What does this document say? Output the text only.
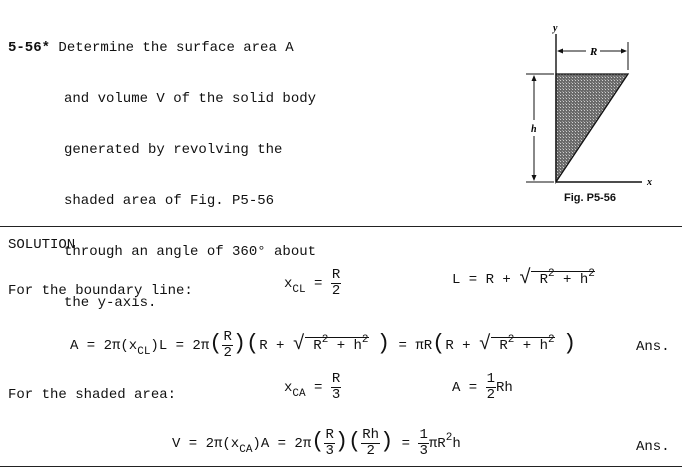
5-56* Determine the surface area A

and volume V of the solid body

generated by revolving the

shaded area of Fig. P5-56

through an angle of 360° about

the y-axis.

R
h
y
x
Fig. P5-56
SOLUTION
For the boundary line:	$x_{CL} = \frac{R}{2}$	L = R + √ $R^2 + h^2$
$A = 2\pi(x_{CL})L = 2\pi( \frac{R}{2} )(R$ + √ $R^2 + h^2$ ) = πR(R + √ $R^2 + h^2$ )	Ans.
For the shaded area:	$x_{CA} = \frac{R}{3}$	$A = \frac{1}{2}$ Rh
$V = 2\pi(x_{CA})A = 2\pi( \frac{R}{3}$ )( $\frac{Rh}{2}$ ) = $\frac{1}{3} \pi R^2h$	Ans.
